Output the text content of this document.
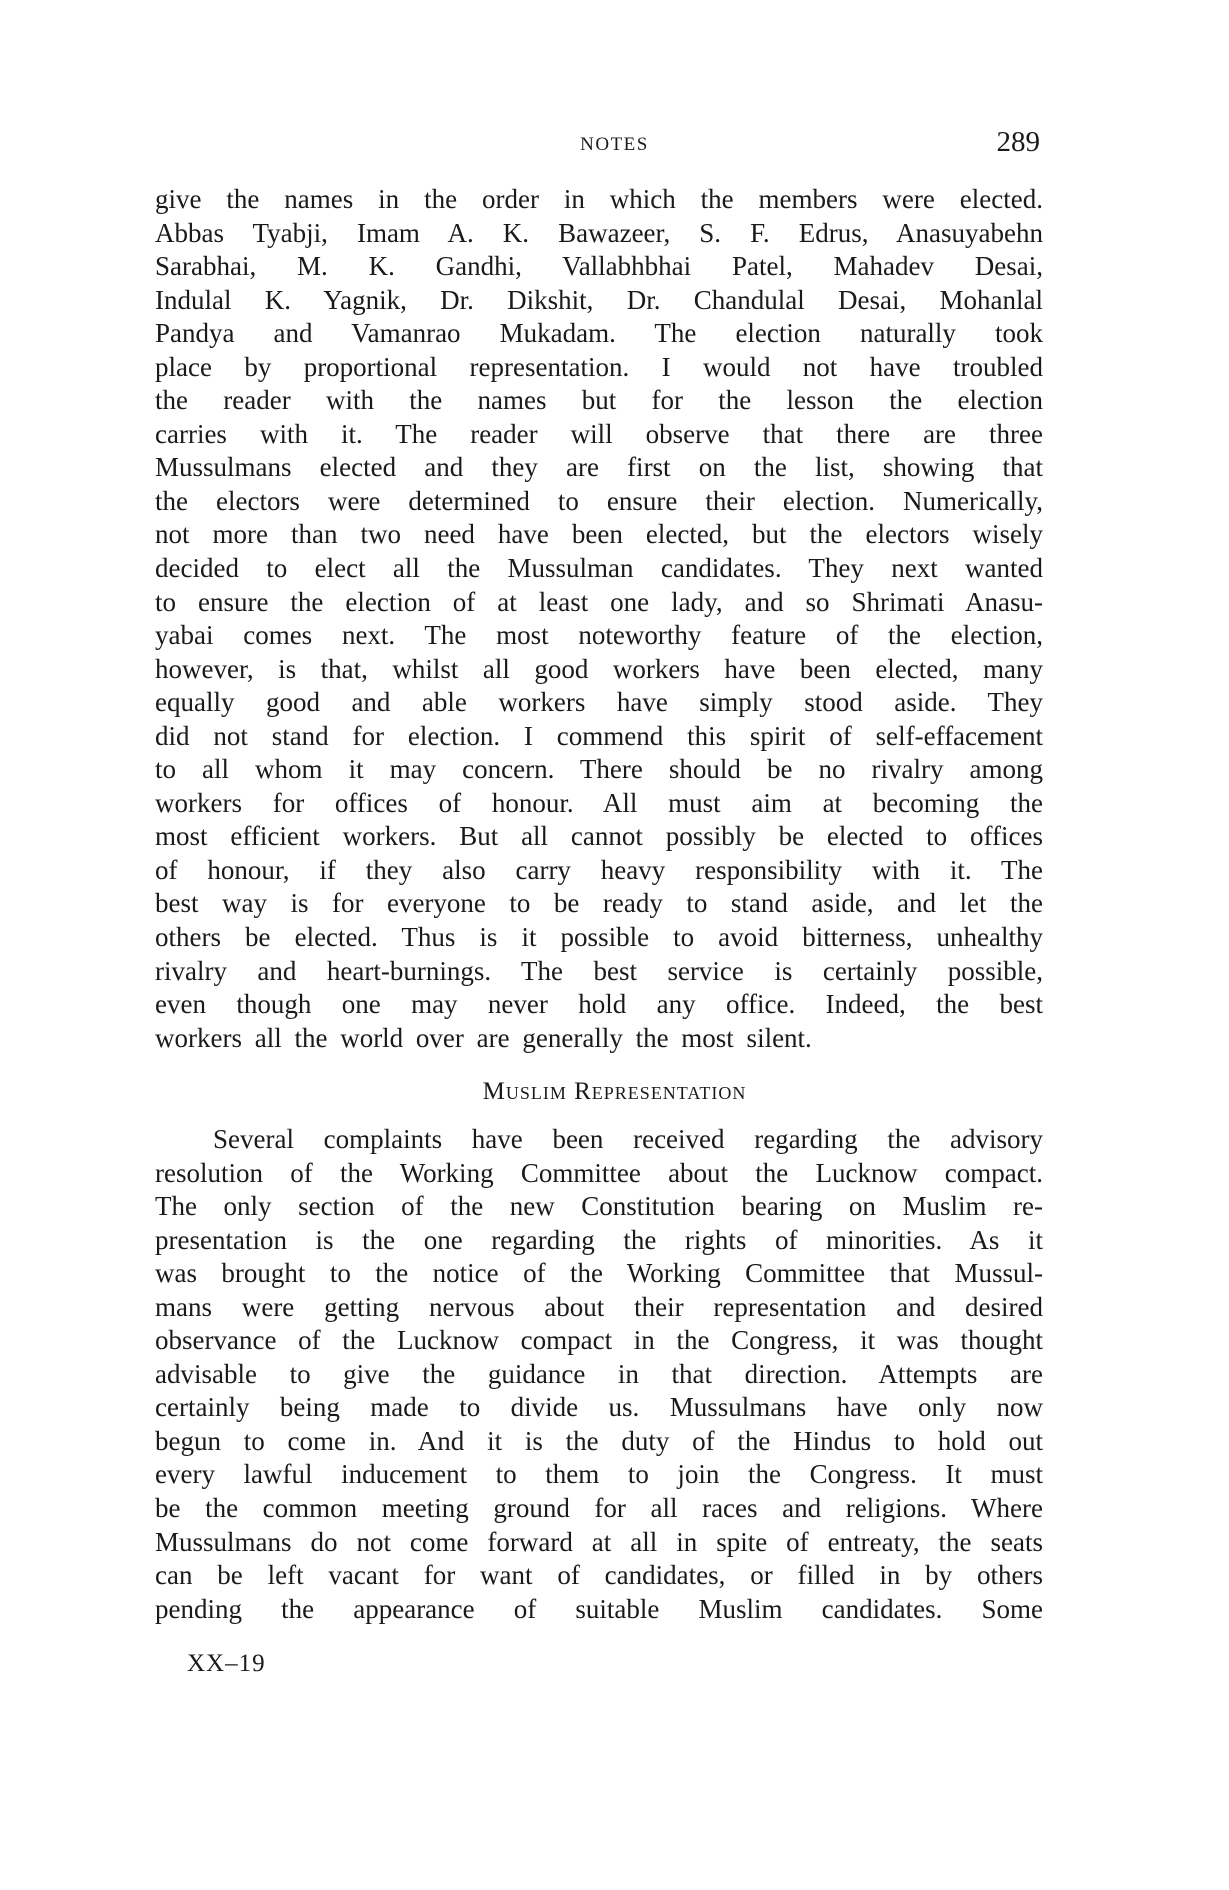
CWMG - XX
NOTES	289
give the names in the order in which the members were elected.
Abbas Tyabji, Imam A. K. Bawazeer, S. F. Edrus, Anasuyabehn
Sarabhai, M. K. Gandhi, Vallabhbhai Patel, Mahadev Desai,
Indulal K. Yagnik, Dr. Dikshit, Dr. Chandulal Desai, Mohanlal
Pandya and Vamanrao Mukadam. The election naturally took
place by proportional representation. I would not have troubled
the reader with the names but for the lesson the election
carries with it. The reader will observe that there are three
Mussulmans elected and they are first on the list, showing that
the electors were determined to ensure their election. Numerically,
not more than two need have been elected, but the electors wisely
decided to elect all the Mussulman candidates. They next wanted
to ensure the election of at least one lady, and so Shrimati Anasu-
yabai comes next. The most noteworthy feature of the election,
however, is that, whilst all good workers have been elected, many
equally good and able workers have simply stood aside. They
did not stand for election. I commend this spirit of self-effacement
to all whom it may concern. There should be no rivalry among
workers for offices of honour. All must aim at becoming the
most efficient workers. But all cannot possibly be elected to offices
of honour, if they also carry heavy responsibility with it. The
best way is for everyone to be ready to stand aside, and let the
others be elected. Thus is it possible to avoid bitterness, unhealthy
rivalry and heart-burnings. The best service is certainly possible,
even though one may never hold any office. Indeed, the best
workers all the world over are generally the most silent.
Muslim Representation
Several complaints have been received regarding the advisory
resolution of the Working Committee about the Lucknow compact.
The only section of the new Constitution bearing on Muslim re-
presentation is the one regarding the rights of minorities. As it
was brought to the notice of the Working Committee that Mussul-
mans were getting nervous about their representation and desired
observance of the Lucknow compact in the Congress, it was thought
advisable to give the guidance in that direction. Attempts are
certainly being made to divide us. Mussulmans have only now
begun to come in. And it is the duty of the Hindus to hold out
every lawful inducement to them to join the Congress. It must
be the common meeting ground for all races and religions. Where
Mussulmans do not come forward at all in spite of entreaty, the seats
can be left vacant for want of candidates, or filled in by others
pending the appearance of suitable Muslim candidates. Some
XX–19
